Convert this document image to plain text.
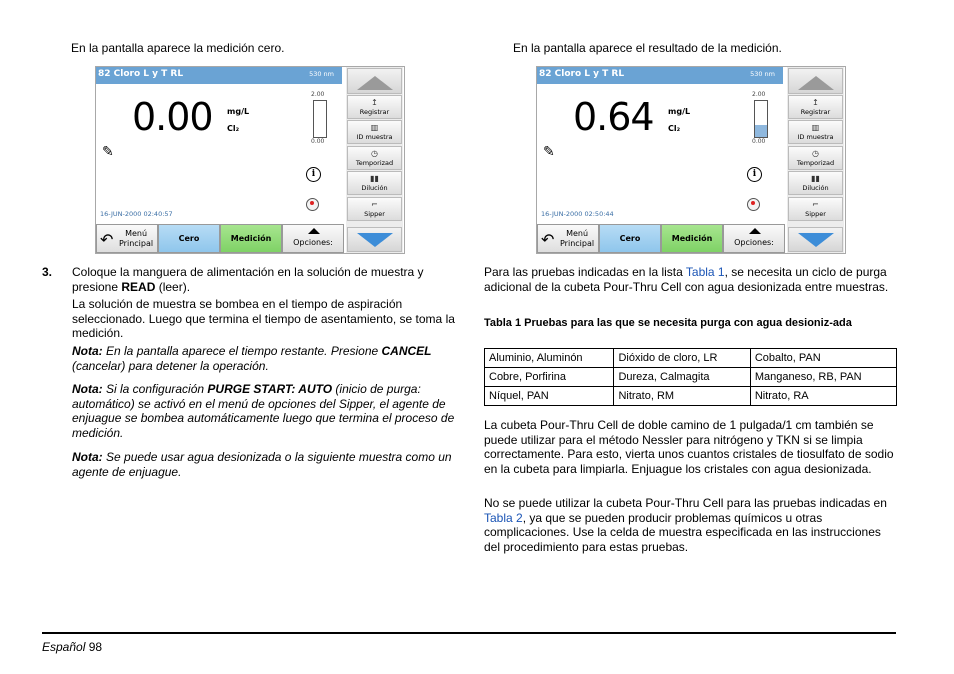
En la pantalla aparece la medición cero.

82 Cloro L y T RL	530 nm
0.00 mg/L
Cl₂
2.00
0.00
✎
i
16-JUN-2000 02:40:57
↥
Registrar
▥
ID muestra
◷
Temporizad
▮▮
Dilución
⌐
Sipper
↶	Menú
Principal
Cero	Medición	Opciones:

3. Coloque la manguera de alimentación en la solución de muestra y presione READ (leer).

La solución de muestra se bombea en el tiempo de aspiración seleccionado. Luego que termina el tiempo de asentamiento, se toma la medición.

Nota: En la pantalla aparece el tiempo restante. Presione CANCEL (cancelar) para detener la operación.

Nota: Si la configuración PURGE START: AUTO (inicio de purga: automático) se activó en el menú de opciones del Sipper, el agente de enjuague se bombea automáticamente luego que termina el proceso de medición.

Nota: Se puede usar agua desionizada o la siguiente muestra como un agente de enjuague.

En la pantalla aparece el resultado de la medición.

82 Cloro L y T RL	530 nm
0.64 mg/L
Cl₂
2.00
0.00
✎
i
16-JUN-2000 02:50:44
↥
Registrar
▥
ID muestra
◷
Temporizad
▮▮
Dilución
⌐
Sipper
↶	Menú
Principal
Cero	Medición	Opciones:

Para las pruebas indicadas en la lista Tabla 1, se necesita un ciclo de purga adicional de la cubeta Pour-Thru Cell con agua desionizada entre muestras.

Tabla 1 Pruebas para las que se necesita purga con agua desioniz-ada

Aluminio, Aluminón	Dióxido de cloro, LR	Cobalto, PAN
Cobre, Porfirina	Dureza, Calmagita	Manganeso, RB, PAN
Níquel, PAN	Nitrato, RM	Nitrato, RA

La cubeta Pour-Thru Cell de doble camino de 1 pulgada/1 cm también se puede utilizar para el método Nessler para nitrógeno y TKN si se limpia correctamente. Para esto, vierta unos cuantos cristales de tiosulfato de sodio en la cubeta para limpiarla. Enjuague los cristales con agua desionizada.

No se puede utilizar la cubeta Pour-Thru Cell para las pruebas indicadas en Tabla 2, ya que se pueden producir problemas químicos u otras complicaciones. Use la celda de muestra especificada en las instrucciones del procedimiento para estas pruebas.

Español 98
